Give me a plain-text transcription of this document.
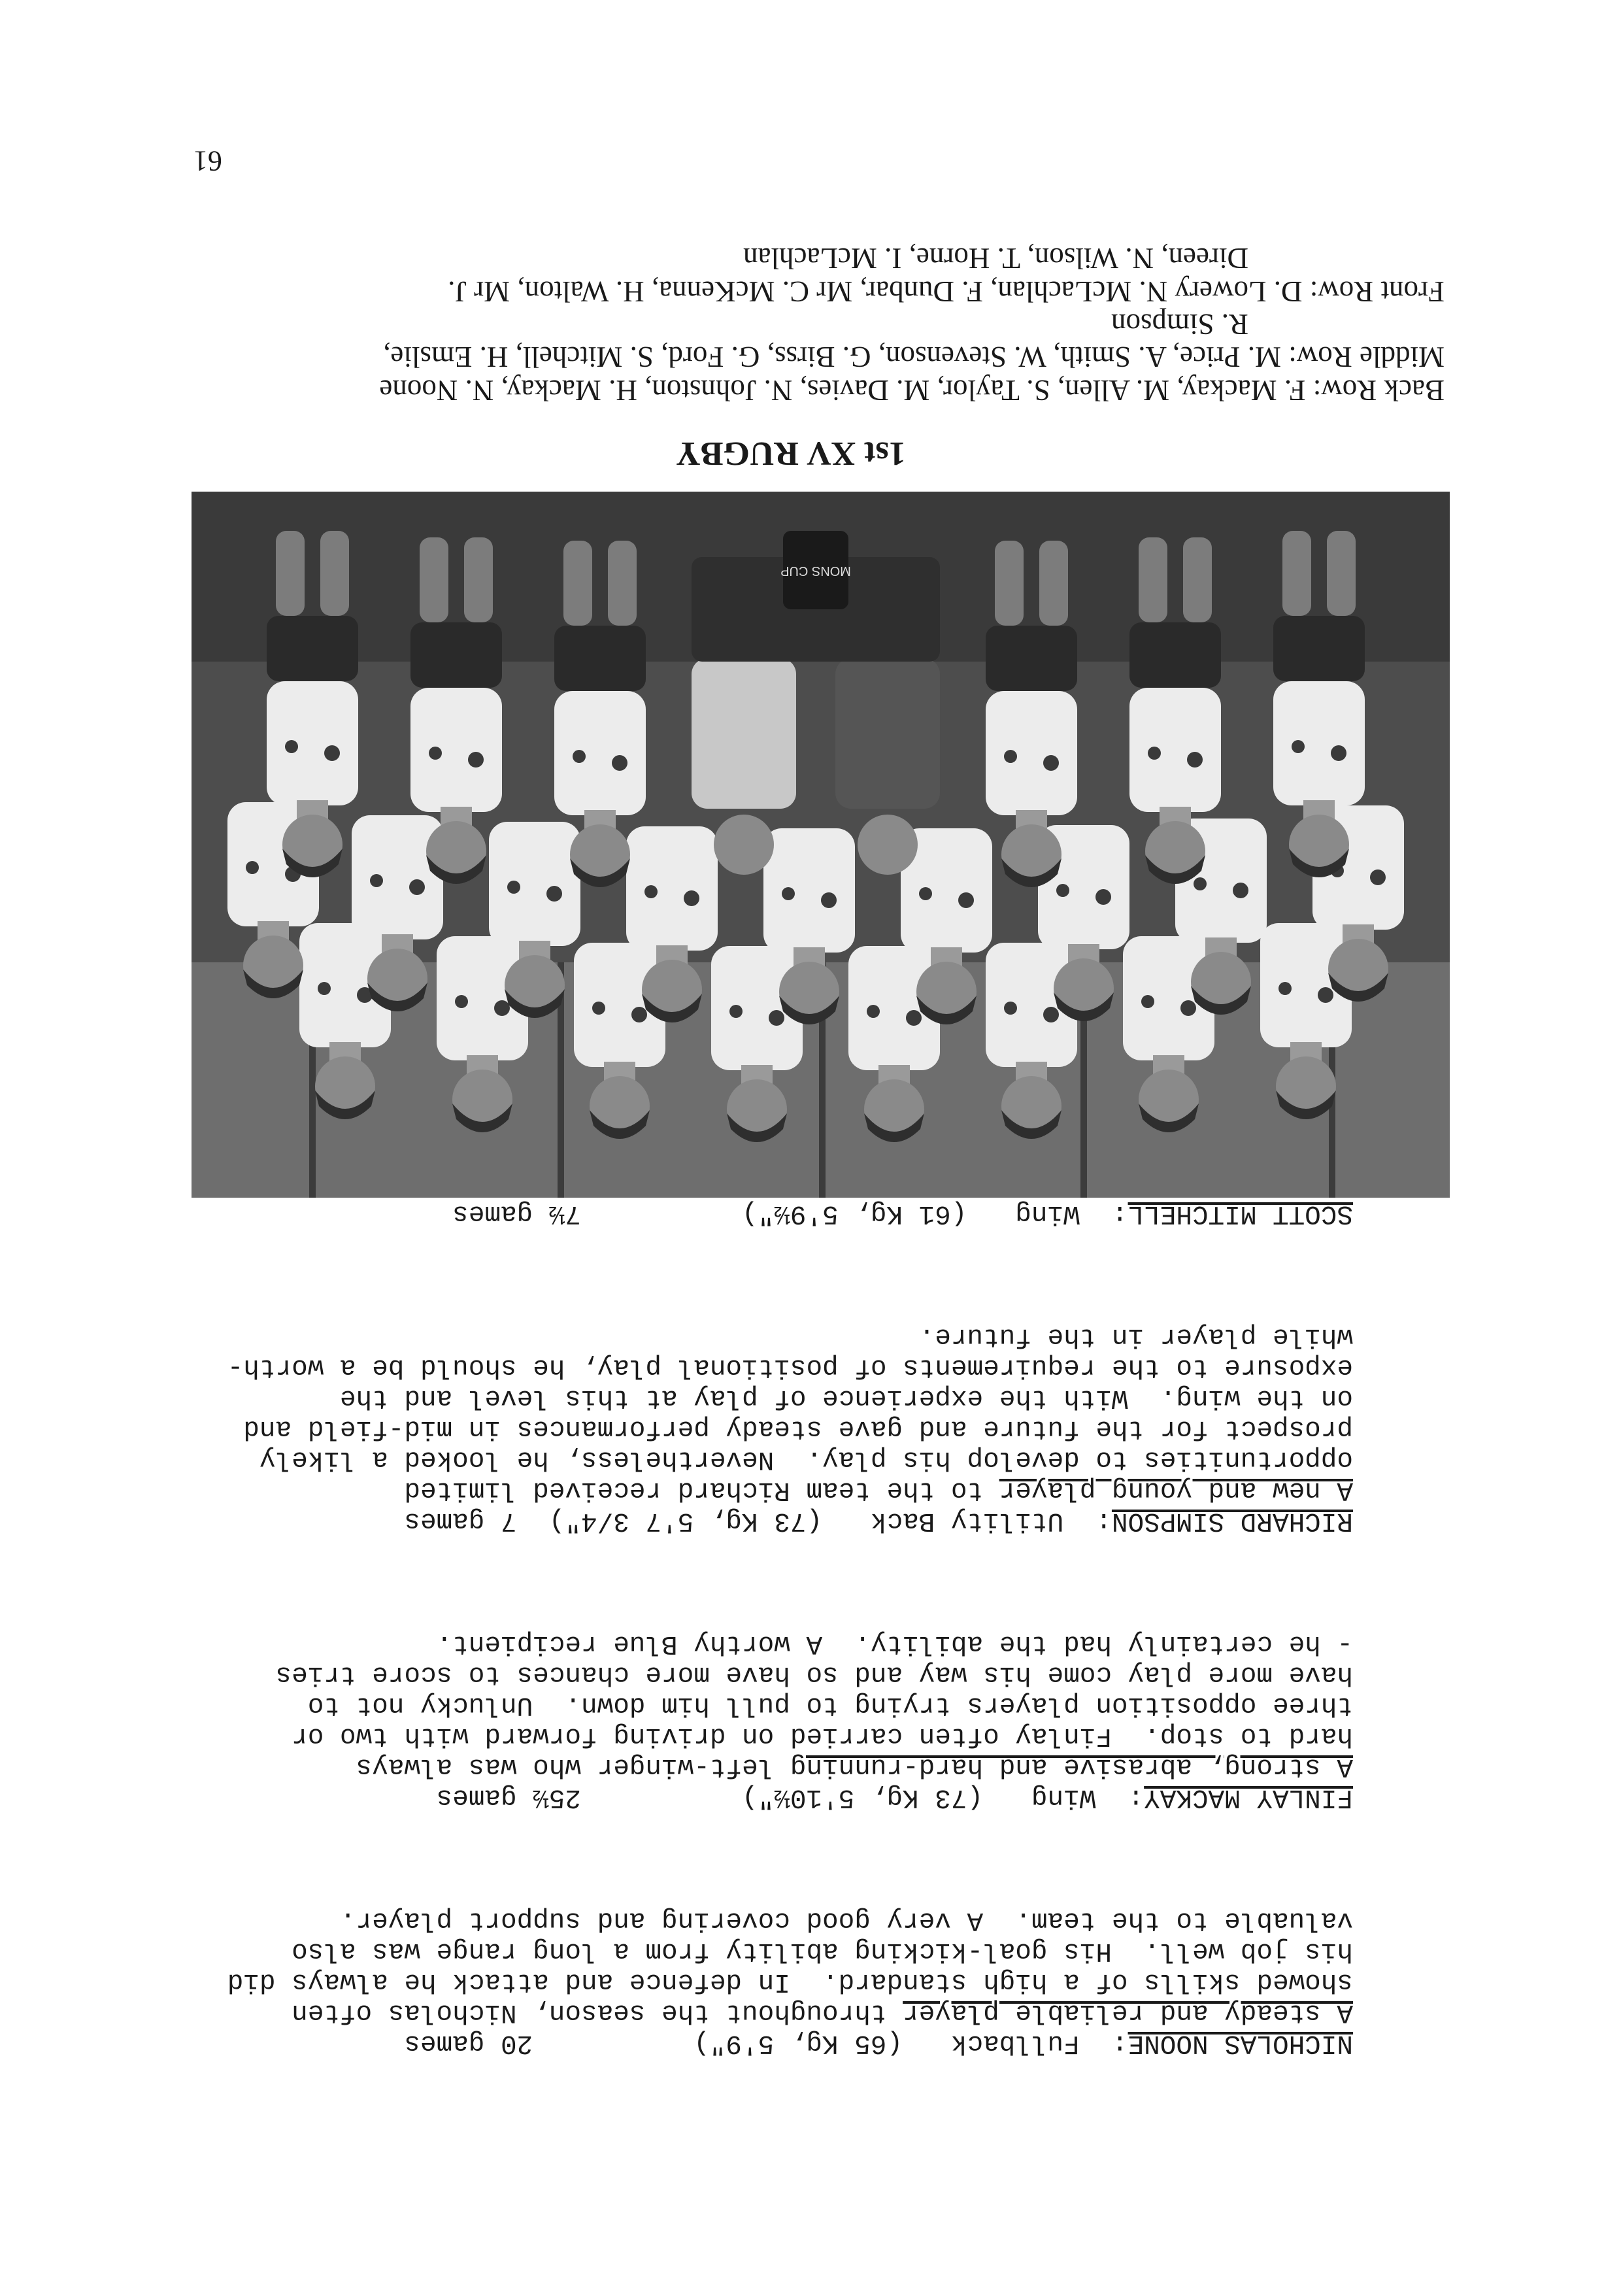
NICHOLAS NOONE:  Fullback   (65 Kg, 5'9")          20 games
A steady and reliable player throughout the season, Nicholas often
showed skills of a high standard.  In defence and attack he always did
his job well.  His goal-kicking ability from a long range was also
valuable to the team.  A very good covering and support player.

FINLAY MACKAY:  Wing   (73 Kg, 5'10½")          25½ games
A strong, abrasive and hard-running left-winger who was always
hard to stop.  Finlay often carried on driving forward with two or
three opposition players trying to pull him down.  Unlucky not to
have more play come his way and so have more chances to score tries
- he certainly had the ability.  A worthy Blue recipient.

RICHARD SIMPSON:  Utility Back   (73 Kg, 5'7 3/4")  7 games
A new and young player to the team Richard received limited
opportunities to develop his play.  Nevertheless, he looked a likely
prospect for the future and gave steady performances in mid-field and
on the wing.  With the experience of play at this level and the
exposure to the requirements of positional play, he should be a worth-
while player in the future.

SCOTT MITCHELL:  Wing   (61 Kg, 5'9½")          7½ games

MONS CUP
1st XV RUGBY
Back Row: F. Mackay, M. Allen, S. Taylor, M. Davies, N. Johnston, H. Mackay, N. Noone
Middle Row: M. Price, A. Smith, W. Stevenson, G. Birss, G. Ford, S. Mitchell, H. Emslie,
R. Simpson
Front Row: D. Lowery N. McLachlan, F. Dunbar, Mr C. McKenna, H. Walton, Mr J.
Direen, N. Wilson, T. Horne, I. McLachlan
61
